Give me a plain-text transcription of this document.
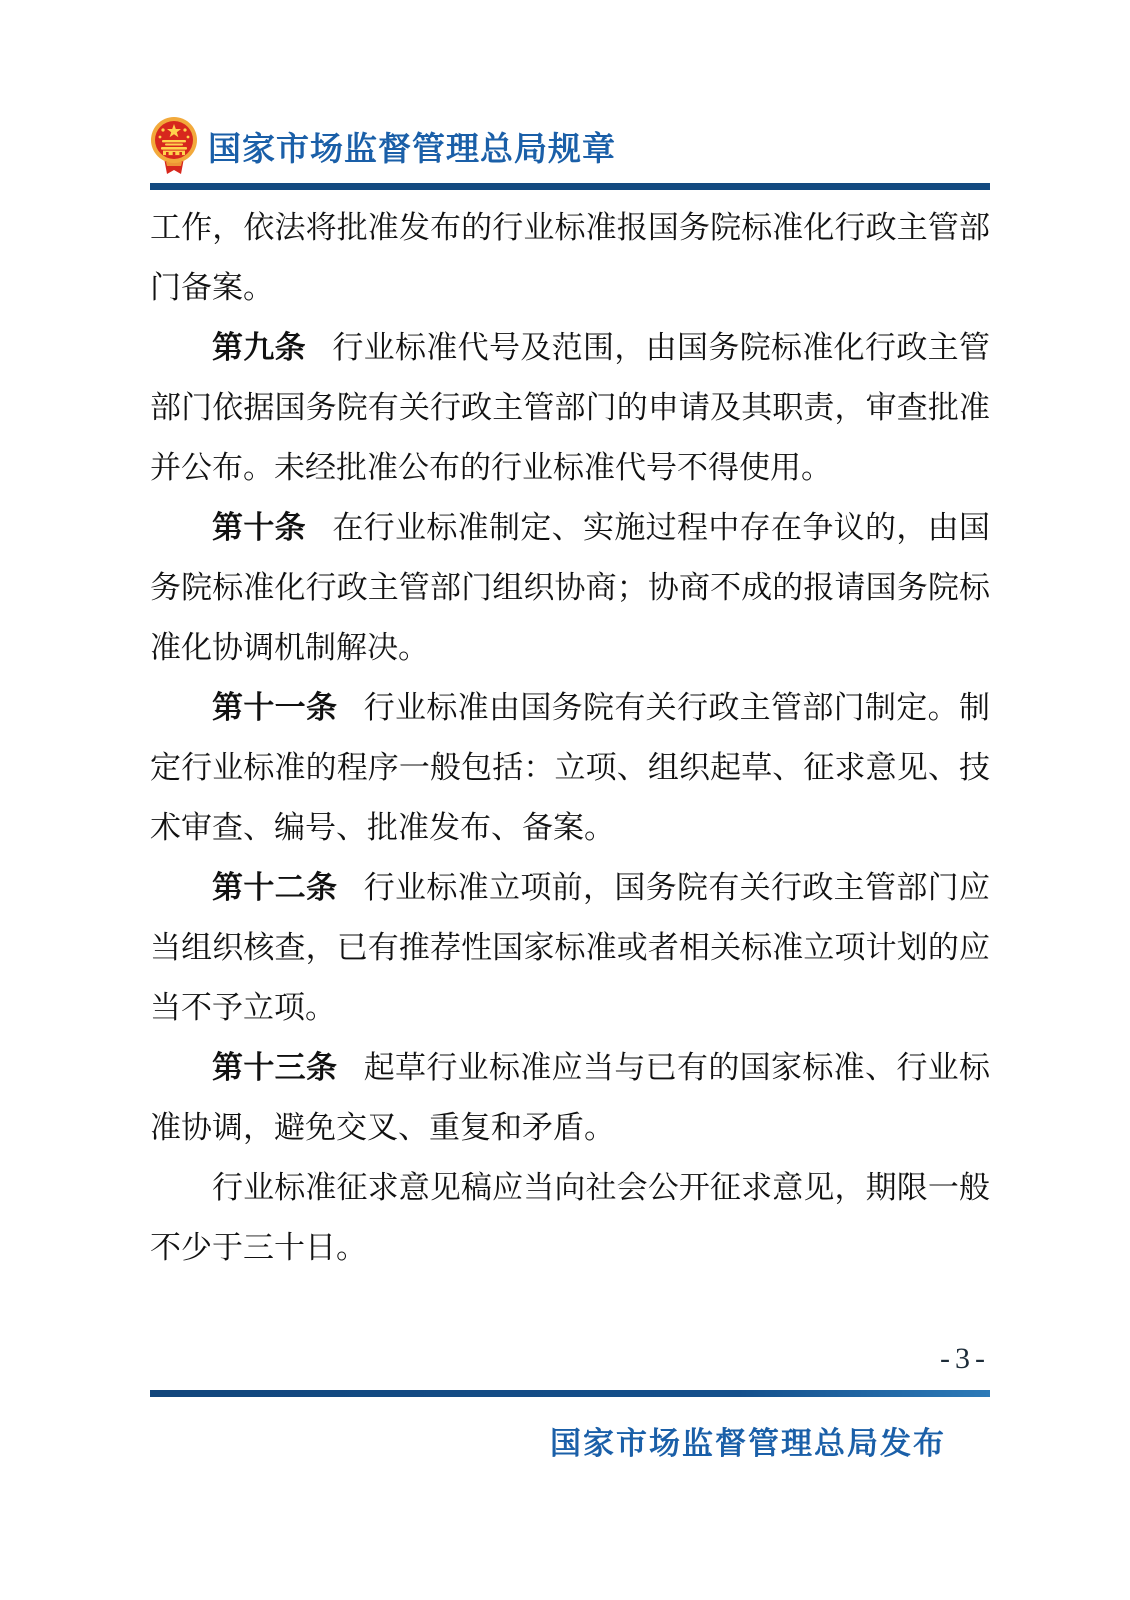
国家市场监督管理总局规章

工作，依法将批准发布的行业标准报国务院标准化行政主管部门备案。

第九条 行业标准代号及范围，由国务院标准化行政主管部门依据国务院有关行政主管部门的申请及其职责，审查批准并公布。未经批准公布的行业标准代号不得使用。

第十条 在行业标准制定、实施过程中存在争议的，由国务院标准化行政主管部门组织协商；协商不成的报请国务院标准化协调机制解决。

第十一条 行业标准由国务院有关行政主管部门制定。制定行业标准的程序一般包括：立项、组织起草、征求意见、技术审查、编号、批准发布、备案。

第十二条 行业标准立项前，国务院有关行政主管部门应当组织核查，已有推荐性国家标准或者相关标准立项计划的应当不予立项。

第十三条 起草行业标准应当与已有的国家标准、行业标准协调，避免交叉、重复和矛盾。

行业标准征求意见稿应当向社会公开征求意见，期限一般不少于三十日。

-3-
国家市场监督管理总局发布
